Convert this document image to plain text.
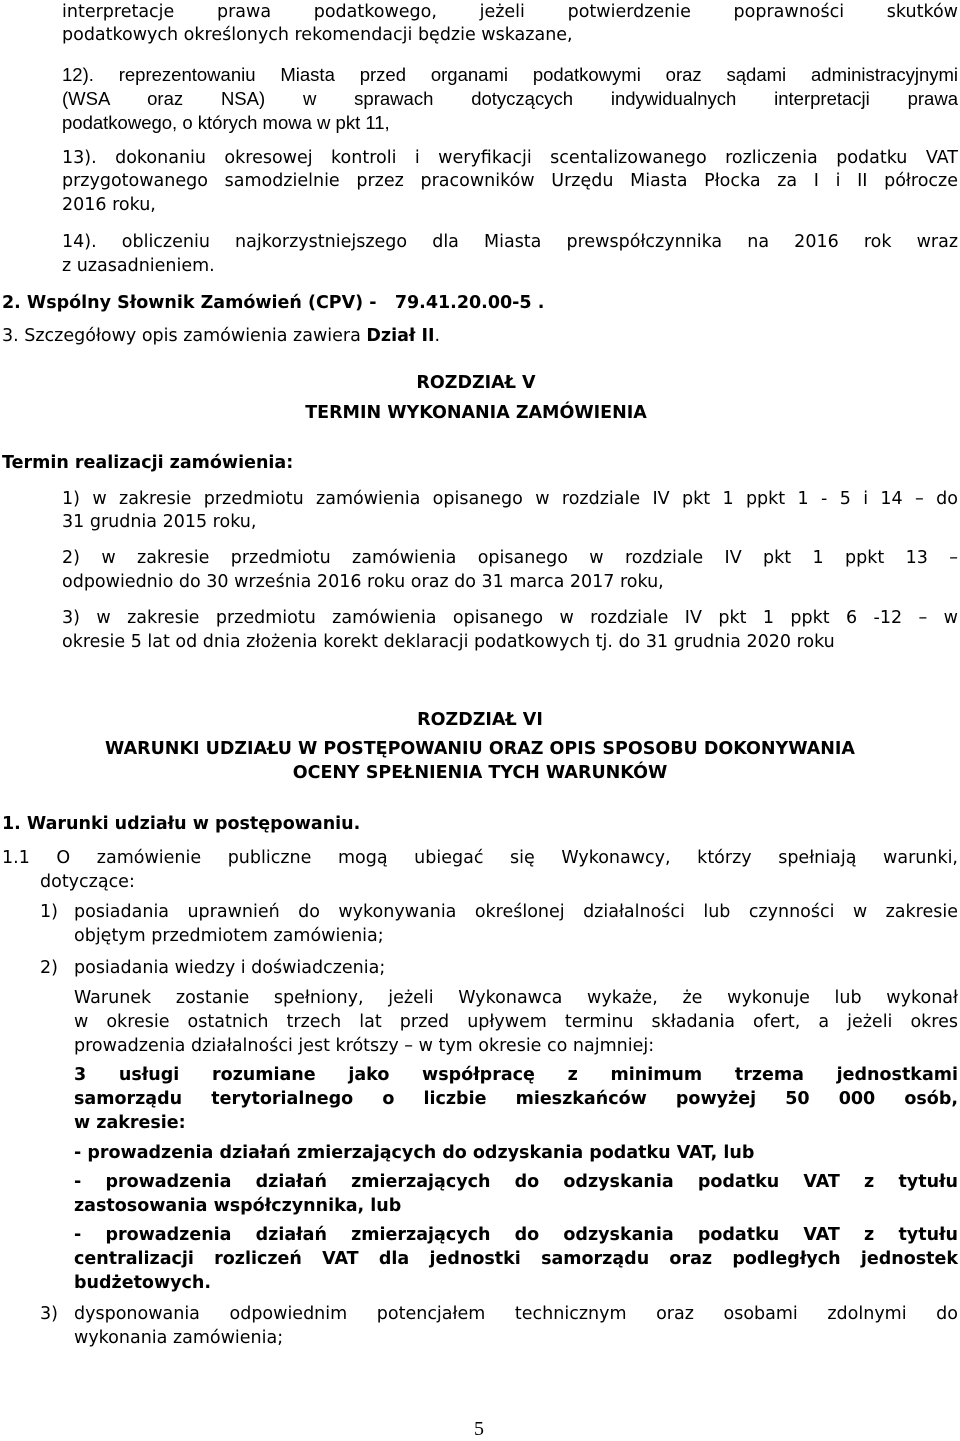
interpretacje prawa podatkowego, jeżeli potwierdzenie poprawności skutków
podatkowych określonych rekomendacji będzie wskazane,
12). reprezentowaniu Miasta przed organami podatkowymi oraz sądami administracyjnymi
(WSA oraz NSA) w sprawach dotyczących indywidualnych interpretacji prawa
podatkowego, o których mowa w pkt 11,
13). dokonaniu okresowej kontroli i weryfikacji scentalizowanego rozliczenia podatku VAT
przygotowanego samodzielnie przez pracowników Urzędu Miasta Płocka za I i II półrocze
2016 roku,
14). obliczeniu najkorzystniejszego dla Miasta prewspółczynnika na 2016 rok wraz
z uzasadnieniem.
2. Wspólny Słownik Zamówień (CPV) - 79.41.20.00-5 .
3. Szczegółowy opis zamówienia zawiera Dział II.
ROZDZIAŁ V
TERMIN WYKONANIA ZAMÓWIENIA
Termin realizacji zamówienia:
1) w zakresie przedmiotu zamówienia opisanego w rozdziale IV pkt 1 ppkt 1 - 5 i 14 – do
31 grudnia 2015 roku,
2) w zakresie przedmiotu zamówienia opisanego w rozdziale IV pkt 1 ppkt 13 –
odpowiednio do 30 września 2016 roku oraz do 31 marca 2017 roku,
3) w zakresie przedmiotu zamówienia opisanego w rozdziale IV pkt 1 ppkt 6 -12 – w
okresie 5 lat od dnia złożenia korekt deklaracji podatkowych tj. do 31 grudnia 2020 roku
ROZDZIAŁ VI
WARUNKI UDZIAŁU W POSTĘPOWANIU ORAZ OPIS SPOSOBU DOKONYWANIA
OCENY SPEŁNIENIA TYCH WARUNKÓW
1. Warunki udziału w postępowaniu.
1.1 O zamówienie publiczne mogą ubiegać się Wykonawcy, którzy spełniają warunki,
dotyczące:
1) posiadania uprawnień do wykonywania określonej działalności lub czynności w zakresie
objętym przedmiotem zamówienia;
2) posiadania wiedzy i doświadczenia;
Warunek zostanie spełniony, jeżeli Wykonawca wykaże, że wykonuje lub wykonał
w okresie ostatnich trzech lat przed upływem terminu składania ofert, a jeżeli okres
prowadzenia działalności jest krótszy – w tym okresie co najmniej:
3 usługi rozumiane jako współpracę z minimum trzema jednostkami
samorządu terytorialnego o liczbie mieszkańców powyżej 50 000 osób,
w zakresie:
- prowadzenia działań zmierzających do odzyskania podatku VAT, lub
- prowadzenia działań zmierzających do odzyskania podatku VAT z tytułu
zastosowania współczynnika, lub
- prowadzenia działań zmierzających do odzyskania podatku VAT z tytułu
centralizacji rozliczeń VAT dla jednostki samorządu oraz podległych jednostek
budżetowych.
3) dysponowania odpowiednim potencjałem technicznym oraz osobami zdolnymi do
wykonania zamówienia;
5
